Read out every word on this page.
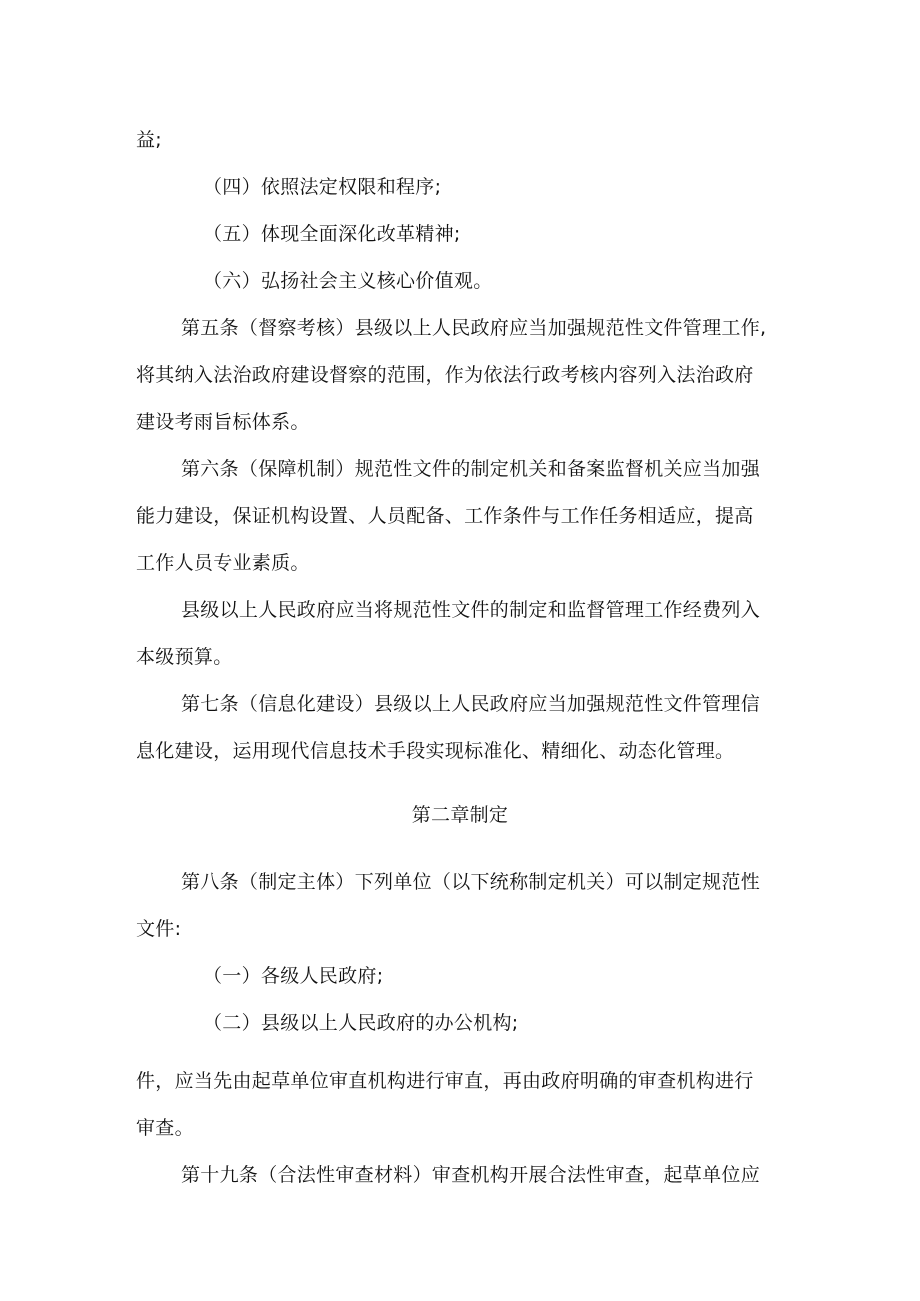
益;
（四）依照法定权限和程序;
（五）体现全面深化改革精神;
（六）弘扬社会主义核心价值观。
第五条（督察考核）县级以上人民政府应当加强规范性文件管理工作,
将其纳入法治政府建设督察的范围，作为依法行政考核内容列入法治政府
建设考雨旨标体系。
第六条（保障机制）规范性文件的制定机关和备案监督机关应当加强
能力建设，保证机构设置、人员配备、工作条件与工作任务相适应，提高
工作人员专业素质。
县级以上人民政府应当将规范性文件的制定和监督管理工作经费列入
本级预算。
第七条（信息化建设）县级以上人民政府应当加强规范性文件管理信
息化建设，运用现代信息技术手段实现标准化、精细化、动态化管理。
第二章制定
第八条（制定主体）下列单位（以下统称制定机关）可以制定规范性
文件:
（一）各级人民政府;
（二）县级以上人民政府的办公机构;
件，应当先由起草单位审直机构进行审直，再由政府明确的审查机构进行
审查。
第十九条（合法性审查材料）审查机构开展合法性审查，起草单位应
